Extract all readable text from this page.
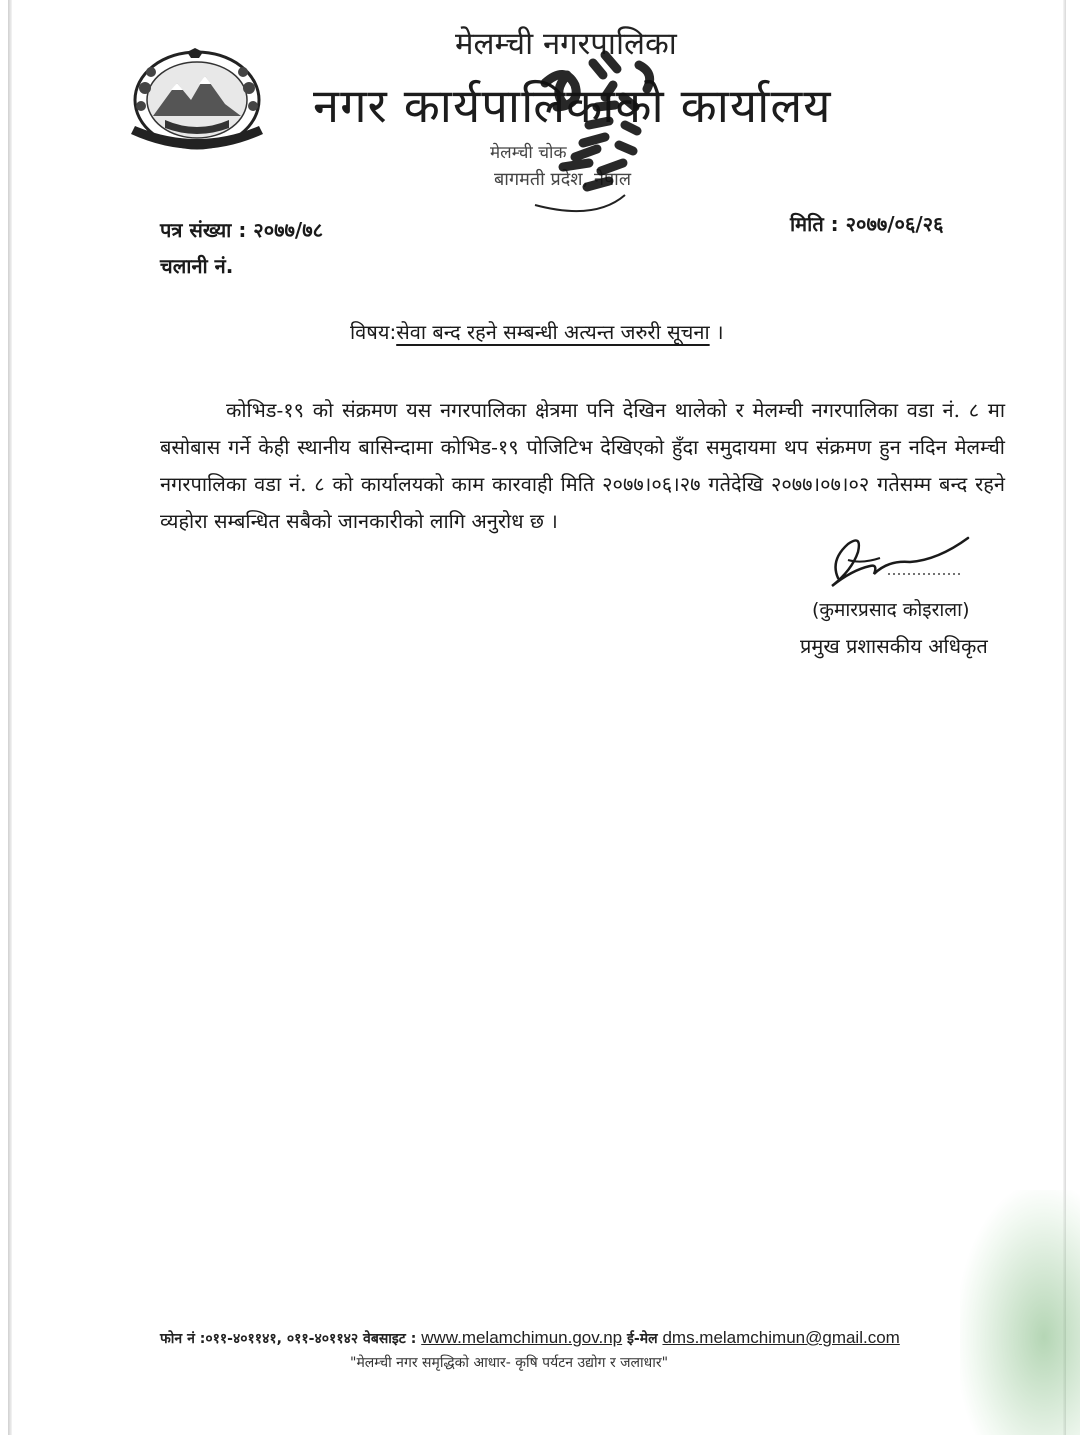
मेलम्ची नगरपालिका
नगर कार्यपालिकाको कार्यालय
मेलम्ची चोक
बागमती प्रदेश, नेपाल
पत्र संख्या : २०७७/७८
चलानी नं.
मिति : २०७७/०६/२६
विषय:सेवा बन्द रहने सम्बन्धी अत्यन्त जरुरी सूचना ।
कोभिड-१९ को संक्रमण यस नगरपालिका क्षेत्रमा पनि देखिन थालेको र मेलम्ची नगरपालिका वडा नं. ८ मा बसोबास गर्ने केही स्थानीय बासिन्दामा कोभिड-१९ पोजिटिभ देखिएको हुँदा समुदायमा थप संक्रमण हुन नदिन मेलम्ची नगरपालिका वडा नं. ८ को कार्यालयको काम कारवाही मिति २०७७।०६।२७ गतेदेखि २०७७।०७।०२ गतेसम्म बन्द रहने व्यहोरा सम्बन्धित सबैको जानकारीको लागि अनुरोध छ ।
(कुमारप्रसाद कोइराला)
प्रमुख प्रशासकीय अधिकृत
फोन नं :०११-४०११४१, ०११-४०११४२ वेबसाइट : www.melamchimun.gov.np ई-मेल dms.melamchimun@gmail.com
"मेलम्ची नगर समृद्धिको आधार- कृषि पर्यटन उद्योग र जलाधार"
